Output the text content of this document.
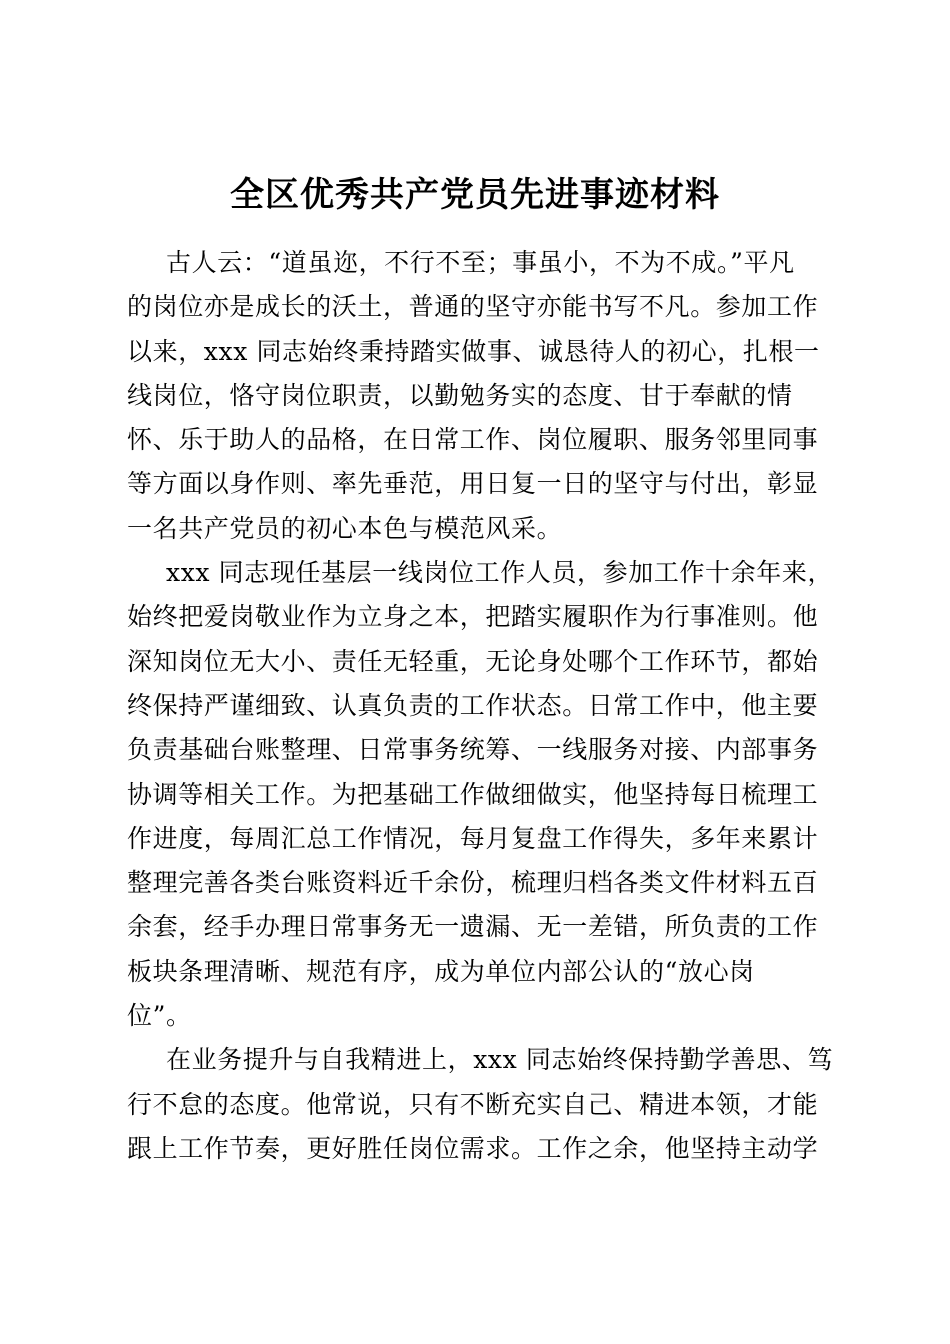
全区优秀共产党员先进事迹材料
古人云：“道虽迩，不行不至；事虽小，不为不成。”平凡
的岗位亦是成长的沃土，普通的坚守亦能书写不凡。参加工作
以来，xxx 同志始终秉持踏实做事、诚恳待人的初心，扎根一
线岗位，恪守岗位职责，以勤勉务实的态度、甘于奉献的情
怀、乐于助人的品格，在日常工作、岗位履职、服务邻里同事
等方面以身作则、率先垂范，用日复一日的坚守与付出，彰显
一名共产党员的初心本色与模范风采。
xxx 同志现任基层一线岗位工作人员，参加工作十余年来，
始终把爱岗敬业作为立身之本，把踏实履职作为行事准则。他
深知岗位无大小、责任无轻重，无论身处哪个工作环节，都始
终保持严谨细致、认真负责的工作状态。日常工作中，他主要
负责基础台账整理、日常事务统筹、一线服务对接、内部事务
协调等相关工作。为把基础工作做细做实，他坚持每日梳理工
作进度，每周汇总工作情况，每月复盘工作得失，多年来累计
整理完善各类台账资料近千余份，梳理归档各类文件材料五百
余套，经手办理日常事务无一遗漏、无一差错，所负责的工作
板块条理清晰、规范有序，成为单位内部公认的“放心岗
位”。
在业务提升与自我精进上，xxx 同志始终保持勤学善思、笃
行不怠的态度。他常说，只有不断充实自己、精进本领，才能
跟上工作节奏，更好胜任岗位需求。工作之余，他坚持主动学
